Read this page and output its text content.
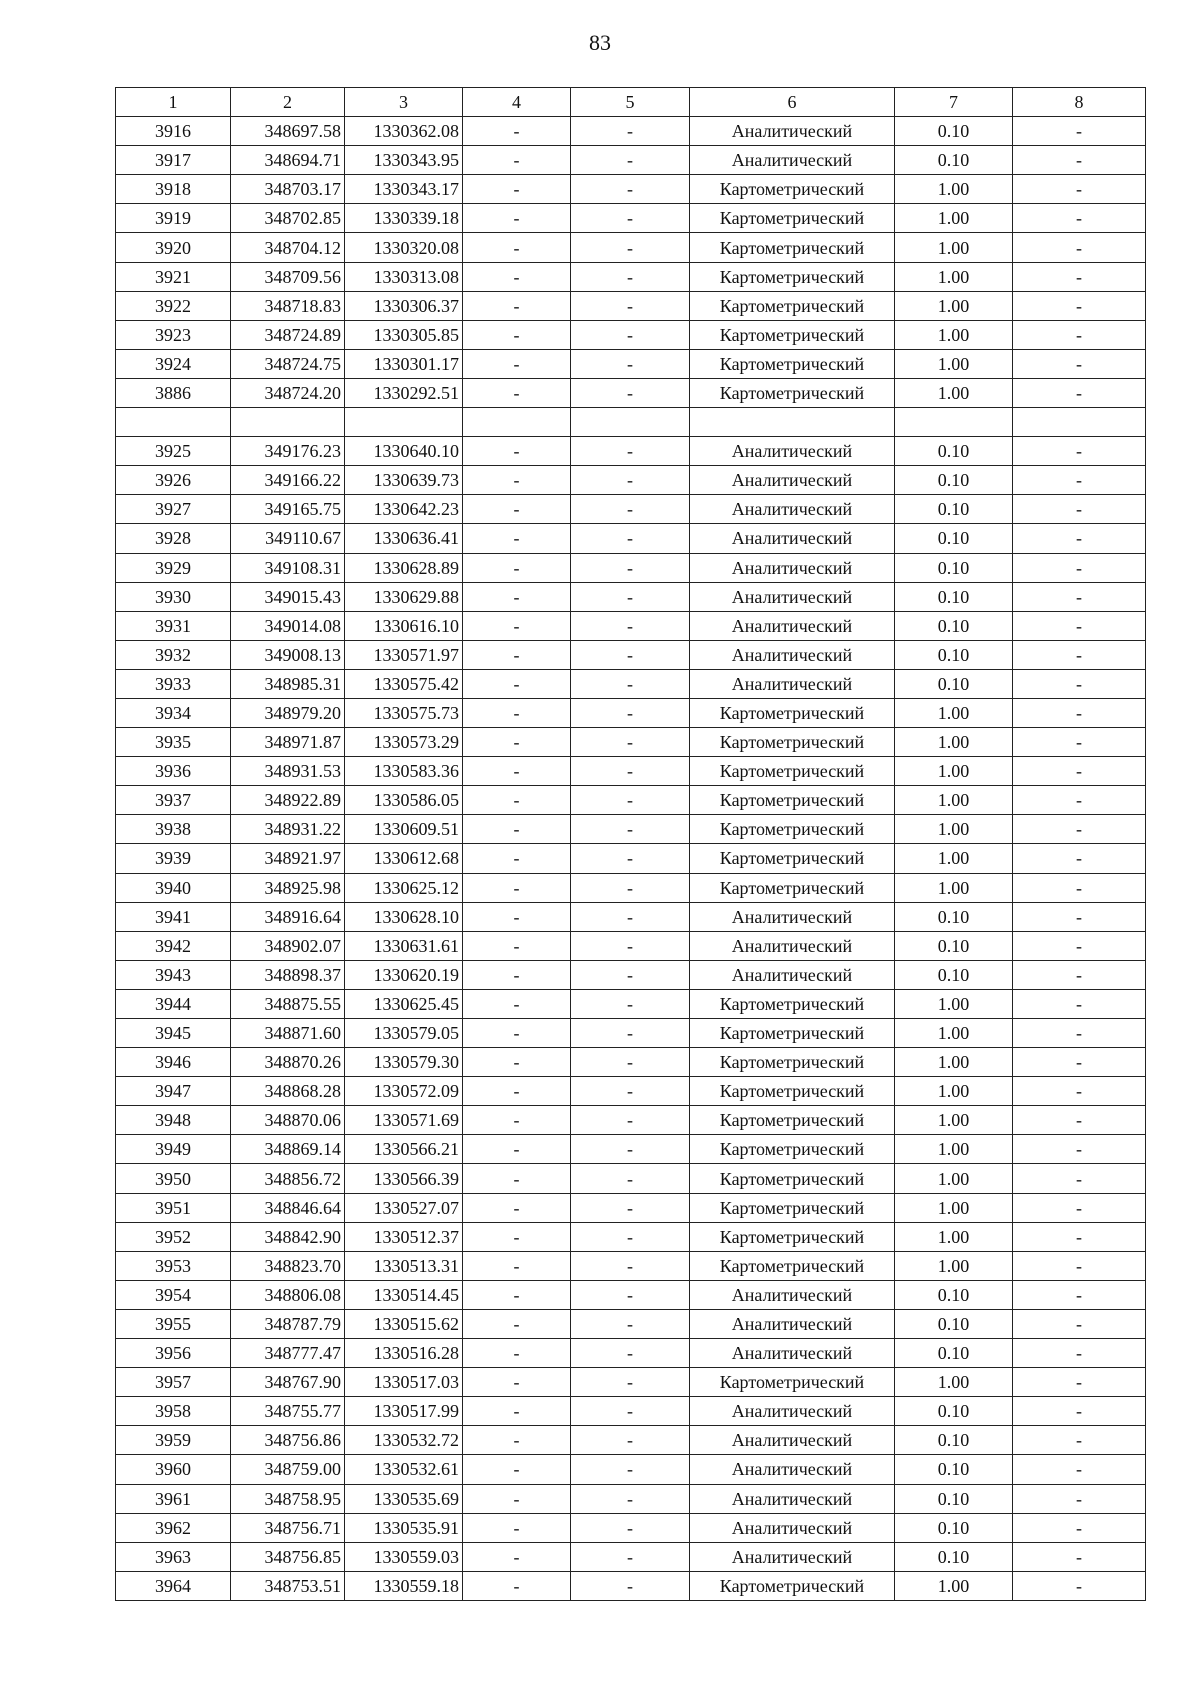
83
1	2	3	4	5	6	7	8
3916	348697.58	1330362.08	-	-	Аналитический	0.10	-
3917	348694.71	1330343.95	-	-	Аналитический	0.10	-
3918	348703.17	1330343.17	-	-	Картометрический	1.00	-
3919	348702.85	1330339.18	-	-	Картометрический	1.00	-
3920	348704.12	1330320.08	-	-	Картометрический	1.00	-
3921	348709.56	1330313.08	-	-	Картометрический	1.00	-
3922	348718.83	1330306.37	-	-	Картометрический	1.00	-
3923	348724.89	1330305.85	-	-	Картометрический	1.00	-
3924	348724.75	1330301.17	-	-	Картометрический	1.00	-
3886	348724.20	1330292.51	-	-	Картометрический	1.00	-

3925	349176.23	1330640.10	-	-	Аналитический	0.10	-
3926	349166.22	1330639.73	-	-	Аналитический	0.10	-
3927	349165.75	1330642.23	-	-	Аналитический	0.10	-
3928	349110.67	1330636.41	-	-	Аналитический	0.10	-
3929	349108.31	1330628.89	-	-	Аналитический	0.10	-
3930	349015.43	1330629.88	-	-	Аналитический	0.10	-
3931	349014.08	1330616.10	-	-	Аналитический	0.10	-
3932	349008.13	1330571.97	-	-	Аналитический	0.10	-
3933	348985.31	1330575.42	-	-	Аналитический	0.10	-
3934	348979.20	1330575.73	-	-	Картометрический	1.00	-
3935	348971.87	1330573.29	-	-	Картометрический	1.00	-
3936	348931.53	1330583.36	-	-	Картометрический	1.00	-
3937	348922.89	1330586.05	-	-	Картометрический	1.00	-
3938	348931.22	1330609.51	-	-	Картометрический	1.00	-
3939	348921.97	1330612.68	-	-	Картометрический	1.00	-
3940	348925.98	1330625.12	-	-	Картометрический	1.00	-
3941	348916.64	1330628.10	-	-	Аналитический	0.10	-
3942	348902.07	1330631.61	-	-	Аналитический	0.10	-
3943	348898.37	1330620.19	-	-	Аналитический	0.10	-
3944	348875.55	1330625.45	-	-	Картометрический	1.00	-
3945	348871.60	1330579.05	-	-	Картометрический	1.00	-
3946	348870.26	1330579.30	-	-	Картометрический	1.00	-
3947	348868.28	1330572.09	-	-	Картометрический	1.00	-
3948	348870.06	1330571.69	-	-	Картометрический	1.00	-
3949	348869.14	1330566.21	-	-	Картометрический	1.00	-
3950	348856.72	1330566.39	-	-	Картометрический	1.00	-
3951	348846.64	1330527.07	-	-	Картометрический	1.00	-
3952	348842.90	1330512.37	-	-	Картометрический	1.00	-
3953	348823.70	1330513.31	-	-	Картометрический	1.00	-
3954	348806.08	1330514.45	-	-	Аналитический	0.10	-
3955	348787.79	1330515.62	-	-	Аналитический	0.10	-
3956	348777.47	1330516.28	-	-	Аналитический	0.10	-
3957	348767.90	1330517.03	-	-	Картометрический	1.00	-
3958	348755.77	1330517.99	-	-	Аналитический	0.10	-
3959	348756.86	1330532.72	-	-	Аналитический	0.10	-
3960	348759.00	1330532.61	-	-	Аналитический	0.10	-
3961	348758.95	1330535.69	-	-	Аналитический	0.10	-
3962	348756.71	1330535.91	-	-	Аналитический	0.10	-
3963	348756.85	1330559.03	-	-	Аналитический	0.10	-
3964	348753.51	1330559.18	-	-	Картометрический	1.00	-
